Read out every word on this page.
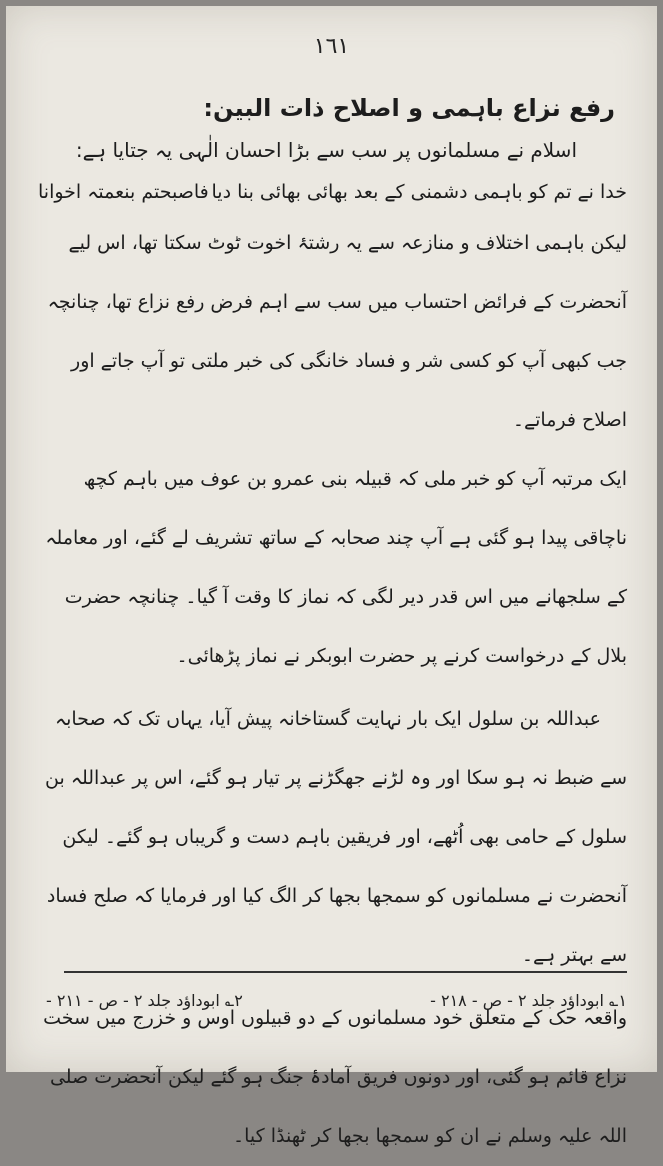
١٦١
رفع نزاع باہمی و اصلاح ذات البین:
اسلام نے مسلمانوں پر سب سے بڑا احسان الٰہی یہ جتایا ہے:
خدا نے تم کو باہمی دشمنی کے بعد بھائی بھائی بنا دیا
فاصبحتم بنعمتہ اخوانا

لیکن باہمی اختلاف و منازعہ سے یہ رشتۂ اخوت ٹوٹ سکتا تھا، اس لیے آنحضرت کے فرائض احتساب میں سب سے اہم فرض رفع نزاع تھا، چنانچہ جب کبھی آپ کو کسی شر و فساد خانگی کی خبر ملتی تو آپ جاتے اور اصلاح فرماتے۔

ایک مرتبہ آپ کو خبر ملی کہ قبیلہ بنی عمرو بن عوف میں باہم کچھ ناچاقی پیدا ہو گئی ہے آپ چند صحابہ کے ساتھ تشریف لے گئے، اور معاملہ کے سلجھانے میں اس قدر دیر لگی کہ نماز کا وقت آ گیا۔ چنانچہ حضرت بلال کے درخواست کرنے پر حضرت ابوبکر نے نماز پڑھائی۔

عبداللہ بن سلول ایک بار نہایت گستاخانہ پیش آیا، یہاں تک کہ صحابہ سے ضبط نہ ہو سکا اور وہ لڑنے جھگڑنے پر تیار ہو گئے، اس پر عبداللہ بن سلول کے حامی بھی اُٹھے، اور فریقین باہم دست و گریباں ہو گئے۔ لیکن آنحضرت نے مسلمانوں کو سمجھا بجھا کر الگ کیا اور فرمایا کہ صلح فساد سے بہتر ہے۔

واقعہ حک کے متعلق خود مسلمانوں کے دو قبیلوں اوس و خزرج میں سخت نزاع قائم ہو گئی، اور دونوں فریق آمادۂ جنگ ہو گئے لیکن آنحضرت صلی اللہ علیہ وسلم نے ان کو سمجھا بجھا کر ٹھنڈا کیا۔

۱؎ ابوداؤد جلد ۲ - ص - ۲۱۸ -
۲؎ ابوداؤد جلد ۲ - ص - ۲۱۱ -
